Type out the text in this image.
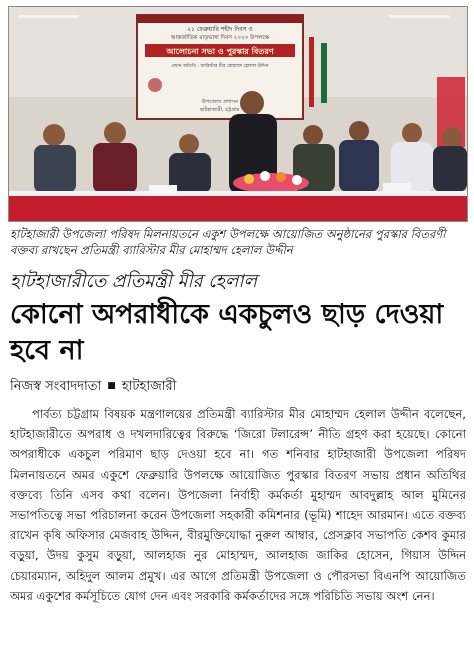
২১ ফেব্রুয়ারি শহীদ দিবস ও
আন্তর্জাতিক মাতৃভাষা দিবস ২০২৩ উপলক্ষে
আলোচনা সভা ও পুরস্কার বিতরণ
প্রধান অতিথি : ব্যারিস্টার মীর মোহাম্মদ হেলাল উদ্দিন
উপজেলা প্রশাসন
হাটহাজারী, চট্টগ্রাম
হাটহাজারী উপজেলা পরিষদ মিলনায়তনে একুশ উপলক্ষে আয়োজিত অনুষ্ঠানের পুরস্কার বিতরণী বক্তব্য রাখছেন প্রতিমন্ত্রী ব্যারিস্টার মীর মোহাম্মদ হেলাল উদ্দীন
হাটহাজারীতে প্রতিমন্ত্রী মীর হেলাল
কোনো অপরাধীকে একচুলও ছাড় দেওয়া হবে না
নিজস্ব সংবাদদাতা ■ হাটহাজারী

পার্বত্য চট্টগ্রাম বিষয়ক মন্ত্রণালয়ের প্রতিমন্ত্রী ব্যারিস্টার মীর মোহাম্মদ হেলাল উদ্দীন বলেছেন, হাটহাজারীতে অপরাধ ও দখলদারিত্বের বিরুদ্ধে ‘জিরো টলারেন্স’ নীতি গ্রহণ করা হয়েছে। কোনো অপরাধীকে একচুল পরিমাণ ছাড় দেওয়া হবে না। গত শনিবার হাটহাজারী উপজেলা পরিষদ মিলনায়তনে অমর একুশে ফেব্রুয়ারি উপলক্ষে আয়োজিত পুরস্কার বিতরণ সভায় প্রধান অতিথির বক্তব্যে তিনি এসব কথা বলেন। উপজেলা নির্বাহী কর্মকর্তা মুহাম্মদ আবদুল্লাহ আল মুমিনের সভাপতিত্বে সভা পরিচালনা করেন উপজেলা সহকারী কমিশনার (ভূমি) শাহেদ আরমান। এতে বক্তব্য রাখেন কৃষি অফিসার মেজবাহ উদ্দিন, বীরমুক্তিযোদ্ধা নুরুল আম্বার, প্রেসক্লাব সভাপতি কেশব কুমার বড়ুয়া, উদয় কুসুম বড়ুয়া, আলহাজ নুর মোহাম্মদ, আলহাজ জাকির হোসেন, গিয়াস উদ্দিন চেয়ারম্যান, অহিদুল আলম প্রমুখ। এর আগে প্রতিমন্ত্রী উপজেলা ও পৌরসভা বিএনপি আয়োজিত অমর একুশের কর্মসূচিতে যোগ দেন এবং সরকারি কর্মকর্তাদের সঙ্গে পরিচিতি সভায় অংশ নেন।
